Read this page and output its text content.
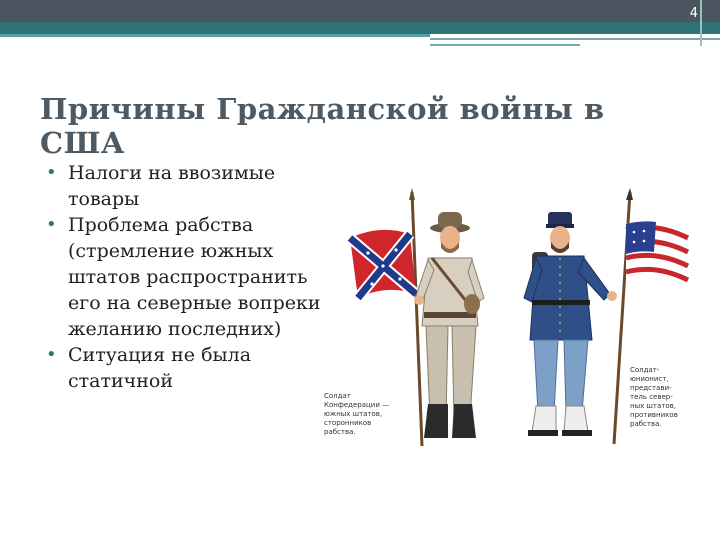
4
Причины Гражданской войны в США
• Налоги на ввозимые товары
• Проблема рабства (стремление южных штатов распространить его на северные вопреки желанию последних)
• Ситуация не была статичной
Солдат Конфедерации — южных штатов, сторонников рабства.
Солдат- юнионист, представи- тель север- ных штатов, противников рабства.
